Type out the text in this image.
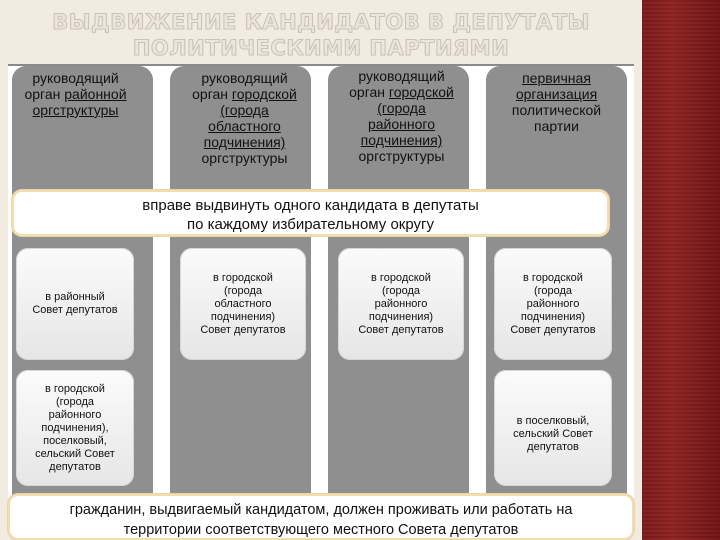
ВЫДВИЖЕНИЕ КАНДИДАТОВ В ДЕПУТАТЫ
ПОЛИТИЧЕСКИМИ ПАРТИЯМИ
руководящий
орган районной
оргструктуры
руководящий
орган городской
(города
областного
подчинения)
оргструктуры
руководящий
орган городской
(города
районного
подчинения)
оргструктуры
первичная
организация
политической
партии
вправе выдвинуть одного кандидата в депутаты
по каждому избирательному округу
в районный
Совет депутатов
в городской
(города
областного
подчинения)
Совет депутатов
в городской
(города
районного
подчинения)
Совет депутатов
в городской
(города
районного
подчинения)
Совет депутатов
в городской
(города
районного
подчинения),
поселковый,
сельский Совет
депутатов
в поселковый,
сельский Совет
депутатов
гражданин, выдвигаемый кандидатом, должен проживать или работать на
территории соответствующего местного Совета депутатов
